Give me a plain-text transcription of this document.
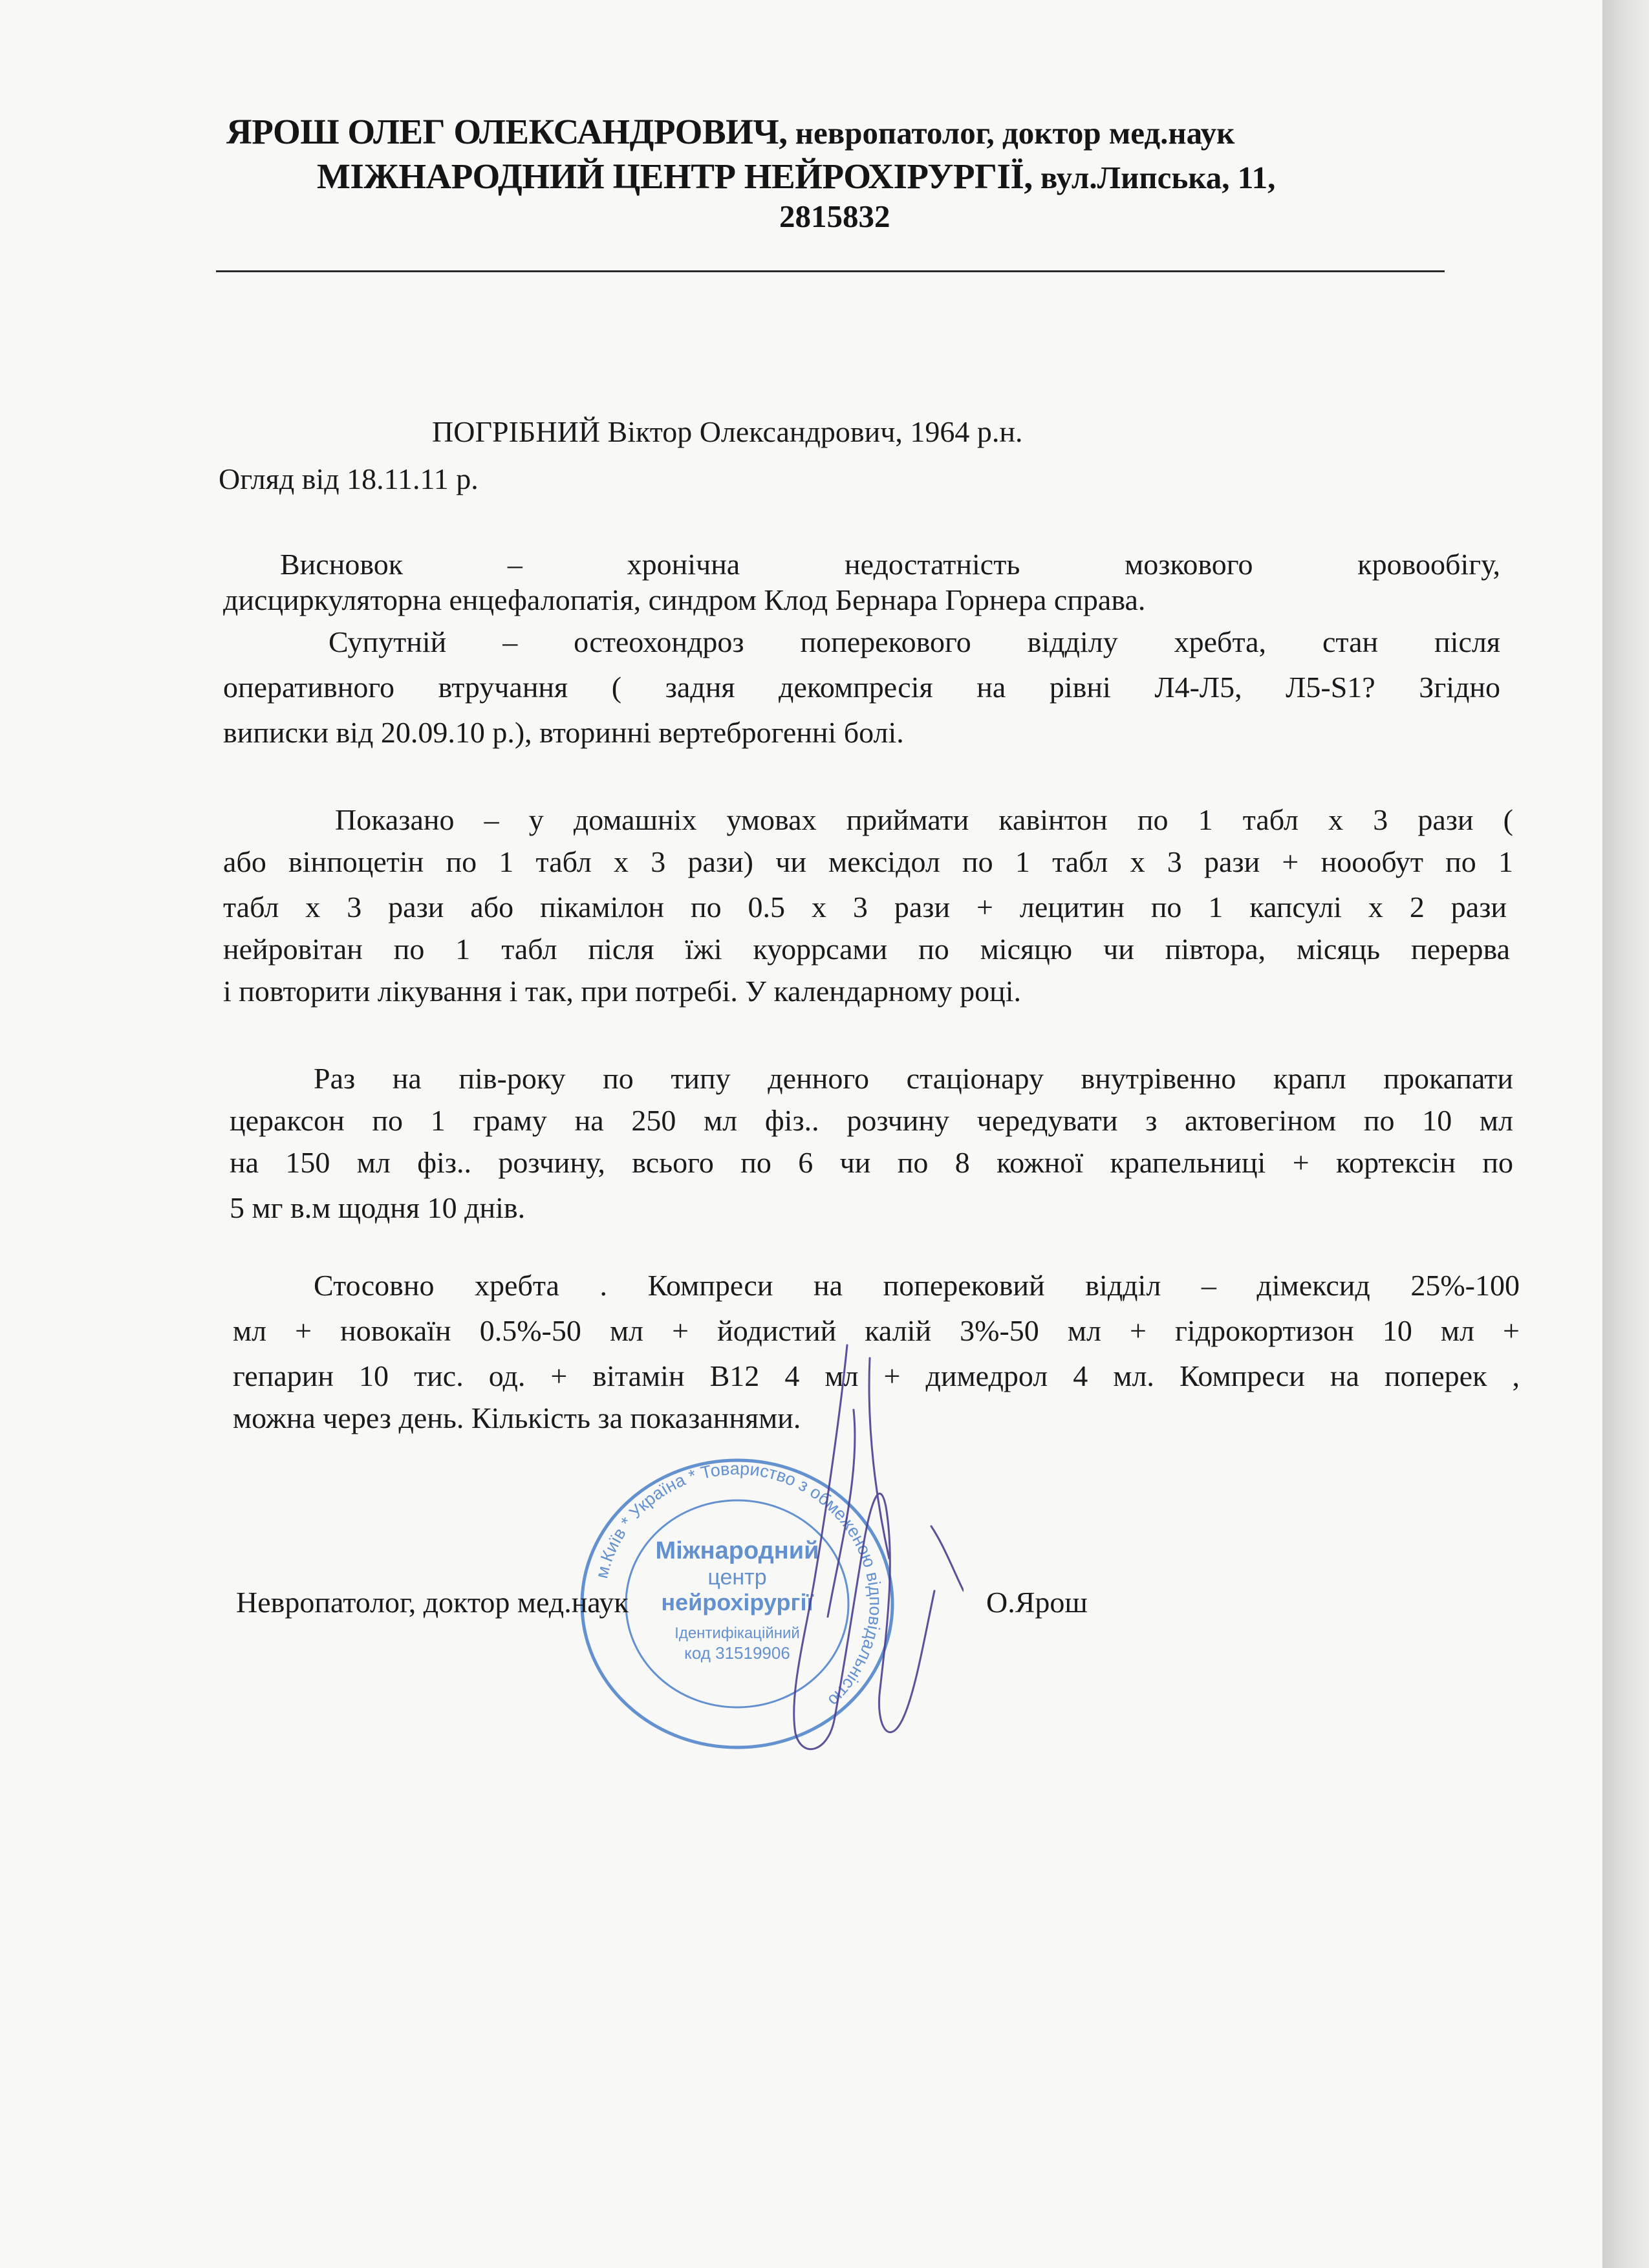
ЯРОШ ОЛЕГ ОЛЕКСАНДРОВИЧ, невропатолог, доктор мед.наук
МІЖНАРОДНИЙ ЦЕНТР НЕЙРОХІРУРГІЇ, вул.Липська, 11,
2815832
ПОГРІБНИЙ Віктор Олександрович, 1964 р.н.
Огляд від 18.11.11 р.
Висновок – хронічна недостатність мозкового кровообігу,
дисциркуляторна енцефалопатія, синдром Клод Бернара Горнера справа.
Супутній – остеохондроз поперекового відділу хребта, стан після
оперативного втручання ( задня декомпресія на рівні Л4-Л5, Л5-S1? Згідно
виписки від 20.09.10 р.), вторинні вертеброгенні болі.
Показано – у домашніх умовах приймати кавінтон по 1 табл х 3 рази (
або вінпоцетін по 1 табл х 3 рази) чи мексідол по 1 табл х 3 рази + ноообут по 1
табл х 3 рази або пікамілон по 0.5 х 3 рази + лецитин по 1 капсулі х 2 рази
нейровітан по 1 табл після їжі куоррсами по місяцю чи півтора, місяць перерва
і повторити лікування і так, при потребі. У календарному році.
Раз на пів-року по типу денного стаціонару внутрівенно крапл прокапати
цераксон по 1 граму на 250 мл фіз.. розчину чередувати з актовегіном по 10 мл
на 150 мл фіз.. розчину, всього по 6 чи по 8 кожної крапельниці + кортексін по
5 мг в.м щодня 10 днів.
Стосовно хребта . Компреси на поперековий відділ – дімексид 25%-100
мл + новокаїн 0.5%-50 мл + йодистий калій 3%-50 мл + гідрокортизон 10 мл +
гепарин 10 тис. од. + вітамін В12 4 мл + димедрол 4 мл. Компреси на поперек ,
можна через день. Кількість за показаннями.
м.Київ * Україна * Товариство з обмеженою відповідальністю
Міжнародний
центр
нейрохірургії
Ідентифікаційний
код 31519906
Невропатолог, доктор мед.наук	О.Ярош
